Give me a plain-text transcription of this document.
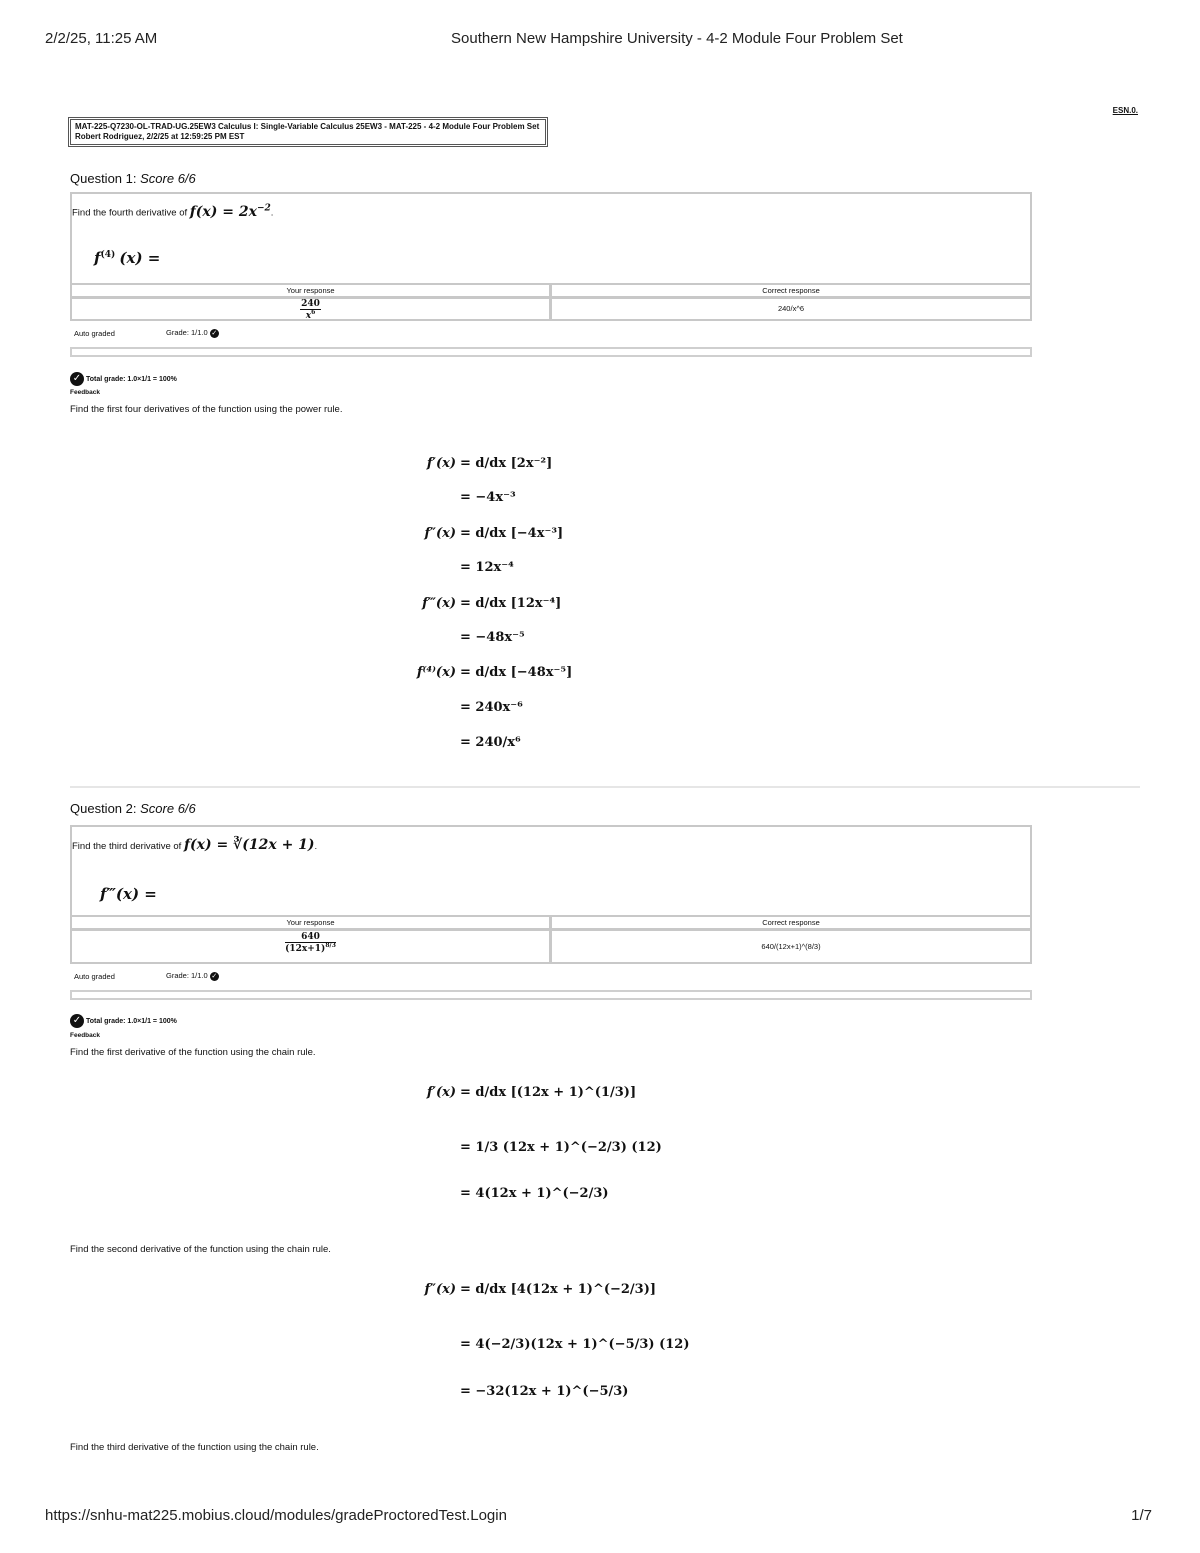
2/2/25, 11:25 AM	Southern New Hampshire University - 4-2 Module Four Problem Set
ESN.0.
MAT-225-Q7230-OL-TRAD-UG.25EW3 Calculus I: Single-Variable Calculus 25EW3 - MAT-225 - 4-2 Module Four Problem Set
Robert Rodriguez, 2/2/25 at 12:59:25 PM EST
Question 1: Score 6/6
Find the fourth derivative of $f(x) = 2x^{-2}$.
$f^{(4)}$ (x) =
Your response	Correct response
$\frac{240}{x^6}$	240/x^6
Auto graded	Grade: 1/1.0 ✓
✓ Total grade: 1.0×1/1 = 100%
Feedback
Find the first four derivatives of the function using the power rule.
f′(x) = d/dx [2x⁻²]
= −4x⁻³
f″(x) = d/dx [−4x⁻³]
= 12x⁻⁴
f‴(x) = d/dx [12x⁻⁴]
= −48x⁻⁵
f⁽⁴⁾(x) = d/dx [−48x⁻⁵]
= 240x⁻⁶
= 240/x⁶
Question 2: Score 6/6
Find the third derivative of f(x) = ∛(12x + 1).
f‴(x) =
Your response	Correct response
$\frac{640}{(12x+1)^{8/3}}$	640/(12x+1)^(8/3)
Auto graded	Grade: 1/1.0 ✓
✓ Total grade: 1.0×1/1 = 100%
Feedback
Find the first derivative of the function using the chain rule.
f′(x) = d/dx [(12x + 1)^(1/3)]
= 1/3 (12x + 1)^(−2/3) (12)
= 4(12x + 1)^(−2/3)
Find the second derivative of the function using the chain rule.
f″(x) = d/dx [4(12x + 1)^(−2/3)]
= 4(−2/3)(12x + 1)^(−5/3) (12)
= −32(12x + 1)^(−5/3)
Find the third derivative of the function using the chain rule.
https://snhu-mat225.mobius.cloud/modules/gradeProctoredTest.Login	1/7
